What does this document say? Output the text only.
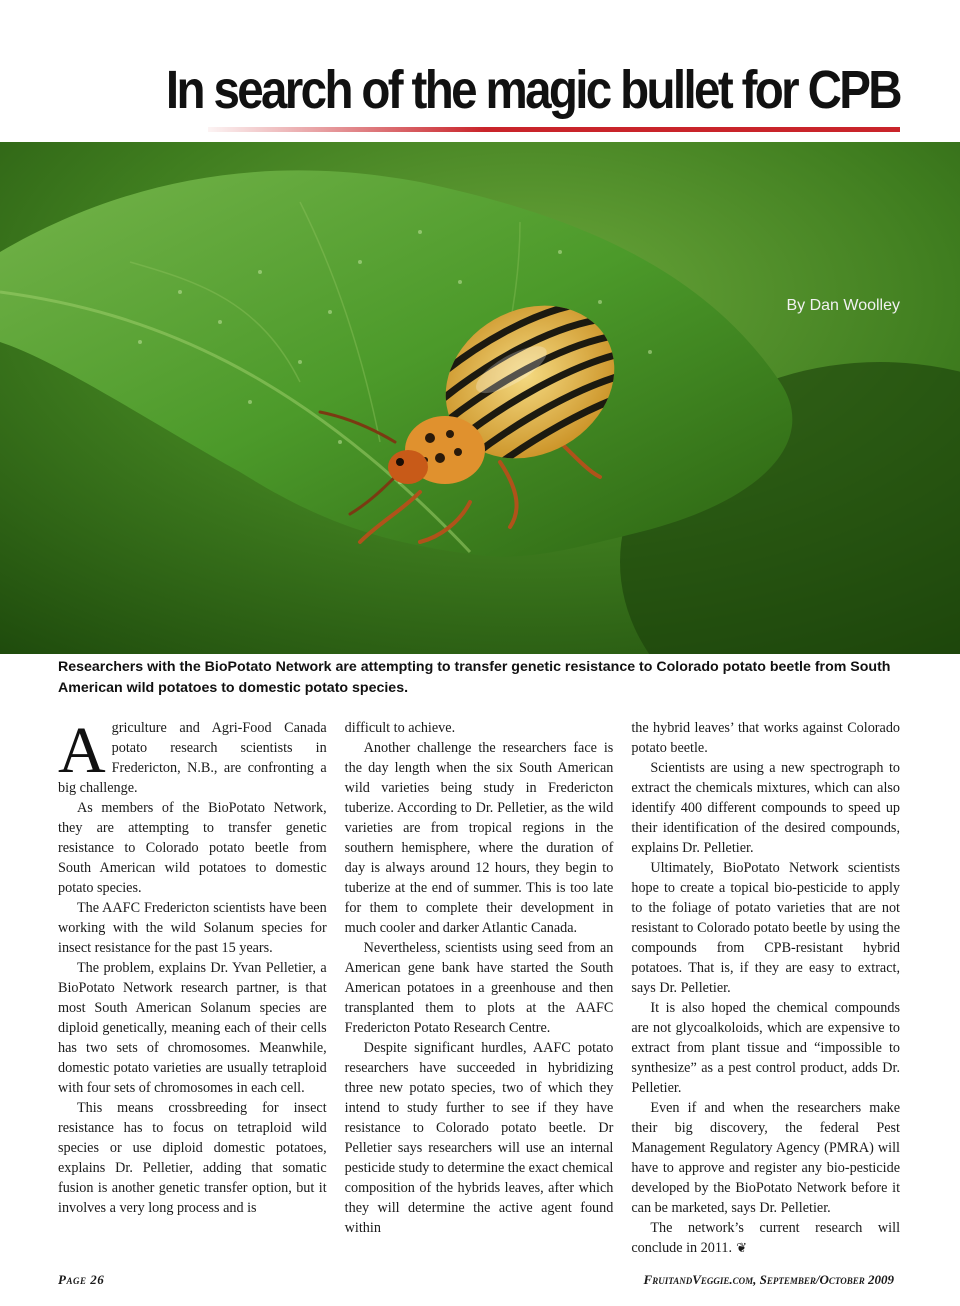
In search of the magic bullet for CPB
By Dan Woolley

Researchers with the BioPotato Network are attempting to transfer genetic resistance to Colorado potato beetle from South American wild potatoes to domestic potato species.

Agriculture and Agri-Food Canada potato research scientists in Fredericton, N.B., are confronting a big challenge.

As members of the BioPotato Network, they are attempting to transfer genetic resistance to Colorado potato beetle from South American wild potatoes to domestic potato species.

The AAFC Fredericton scientists have been working with the wild Solanum species for insect resistance for the past 15 years.

The problem, explains Dr. Yvan Pelletier, a BioPotato Network research partner, is that most South American Solanum species are diploid genetically, meaning each of their cells has two sets of chromosomes. Meanwhile, domestic potato varieties are usually tetraploid with four sets of chromosomes in each cell.

This means crossbreeding for insect resistance has to focus on tetraploid wild species or use diploid domestic potatoes, explains Dr. Pelletier, adding that somatic fusion is another genetic transfer option, but it involves a very long process and is

difficult to achieve.

Another challenge the researchers face is the day length when the six South American wild varieties being study in Fredericton tuberize. According to Dr. Pelletier, as the wild varieties are from tropical regions in the southern hemisphere, where the duration of day is always around 12 hours, they begin to tuberize at the end of summer. This is too late for them to complete their development in much cooler and darker Atlantic Canada.

Nevertheless, scientists using seed from an American gene bank have started the South American potatoes in a greenhouse and then transplanted them to plots at the AAFC Fredericton Potato Research Centre.

Despite significant hurdles, AAFC potato researchers have succeeded in hybridizing three new potato species, two of which they intend to study further to see if they have resistance to Colorado potato beetle. Dr Pelletier says researchers will use an internal pesticide study to determine the exact chemical composition of the hybrids leaves, after which they will determine the active agent found within

the hybrid leaves’ that works against Colorado potato beetle.

Scientists are using a new spectrograph to extract the chemicals mixtures, which can also identify 400 different compounds to speed up their identification of the desired compounds, explains Dr. Pelletier.

Ultimately, BioPotato Network scientists hope to create a topical bio-pesticide to apply to the foliage of potato varieties that are not resistant to Colorado potato beetle by using the compounds from CPB-resistant hybrid potatoes. That is, if they are easy to extract, says Dr. Pelletier.

It is also hoped the chemical compounds are not glycoalkoloids, which are expensive to extract from plant tissue and “impossible to synthesize” as a pest control product, adds Dr. Pelletier.

Even if and when the researchers make their big discovery, the federal Pest Management Regulatory Agency (PMRA) will have to approve and register any bio-pesticide developed by the BioPotato Network before it can be marketed, says Dr. Pelletier.

The network’s current research will conclude in 2011. ❦

Page 26	FruitandVeggie.com, September/October 2009
